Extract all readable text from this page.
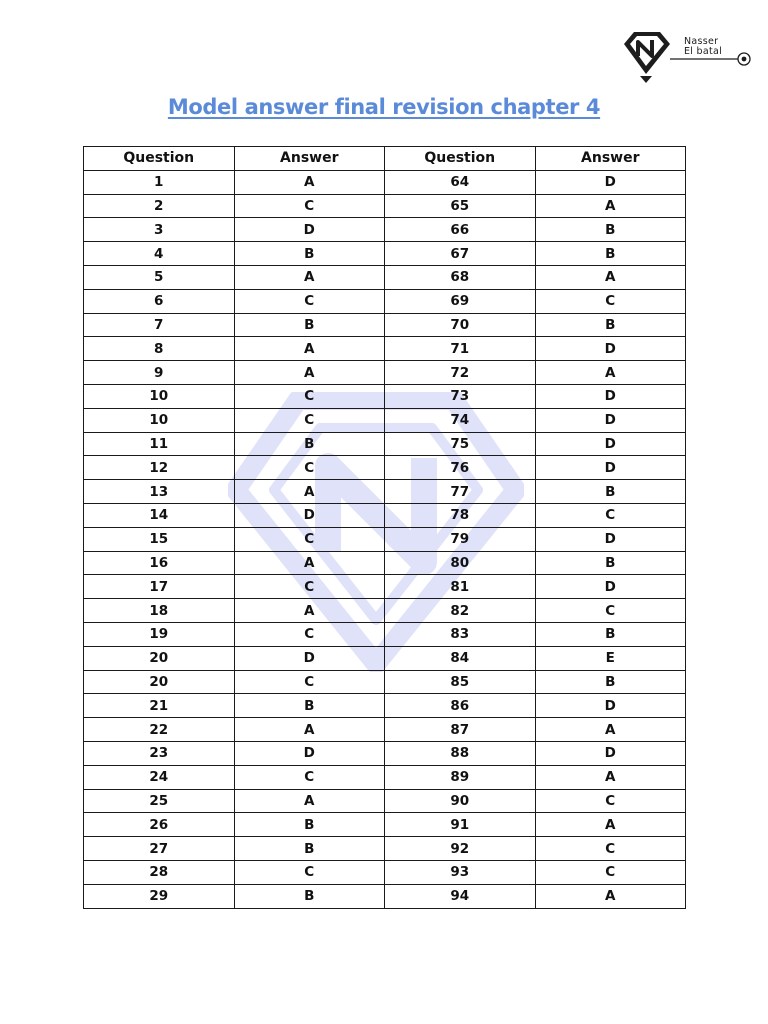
Nasser
El batal
Model answer final revision chapter 4
Question	Answer	Question	Answer
1	A	64	D
2	C	65	A
3	D	66	B
4	B	67	B
5	A	68	A
6	C	69	C
7	B	70	B
8	A	71	D
9	A	72	A
10	C	73	D
10	C	74	D
11	B	75	D
12	C	76	D
13	A	77	B
14	D	78	C
15	C	79	D
16	A	80	B
17	C	81	D
18	A	82	C
19	C	83	B
20	D	84	E
20	C	85	B
21	B	86	D
22	A	87	A
23	D	88	D
24	C	89	A
25	A	90	C
26	B	91	A
27	B	92	C
28	C	93	C
29	B	94	A
